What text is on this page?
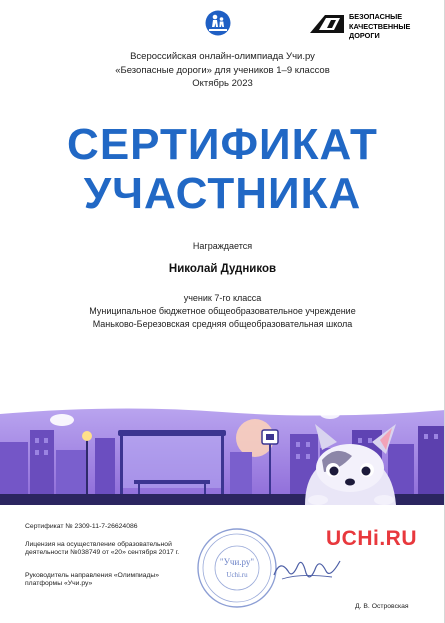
БЕЗОПАСНЫЕ
КАЧЕСТВЕННЫЕ ДОРОГИ
Всероссийская онлайн-олимпиада Учи.ру
«Безопасные дороги» для учеников 1–9 классов
Октябрь 2023
СЕРТИФИКАТ
УЧАСТНИКА
Награждается
Николай Дудников
ученик 7-го класса
Муниципальное бюджетное общеобразовательное учреждение
Маньково-Березовская средняя общеобразовательная школа
Сертификат № 2309-11-7-26624086
Лицензия на осуществление образовательной
деятельности №038749 от «20» сентября 2017 г.
Руководитель направления «Олимпиады»
платформы «Учи.ру»
"Учи.ру"
Uchi.ru
UCHi.RU
Д. В. Островская
